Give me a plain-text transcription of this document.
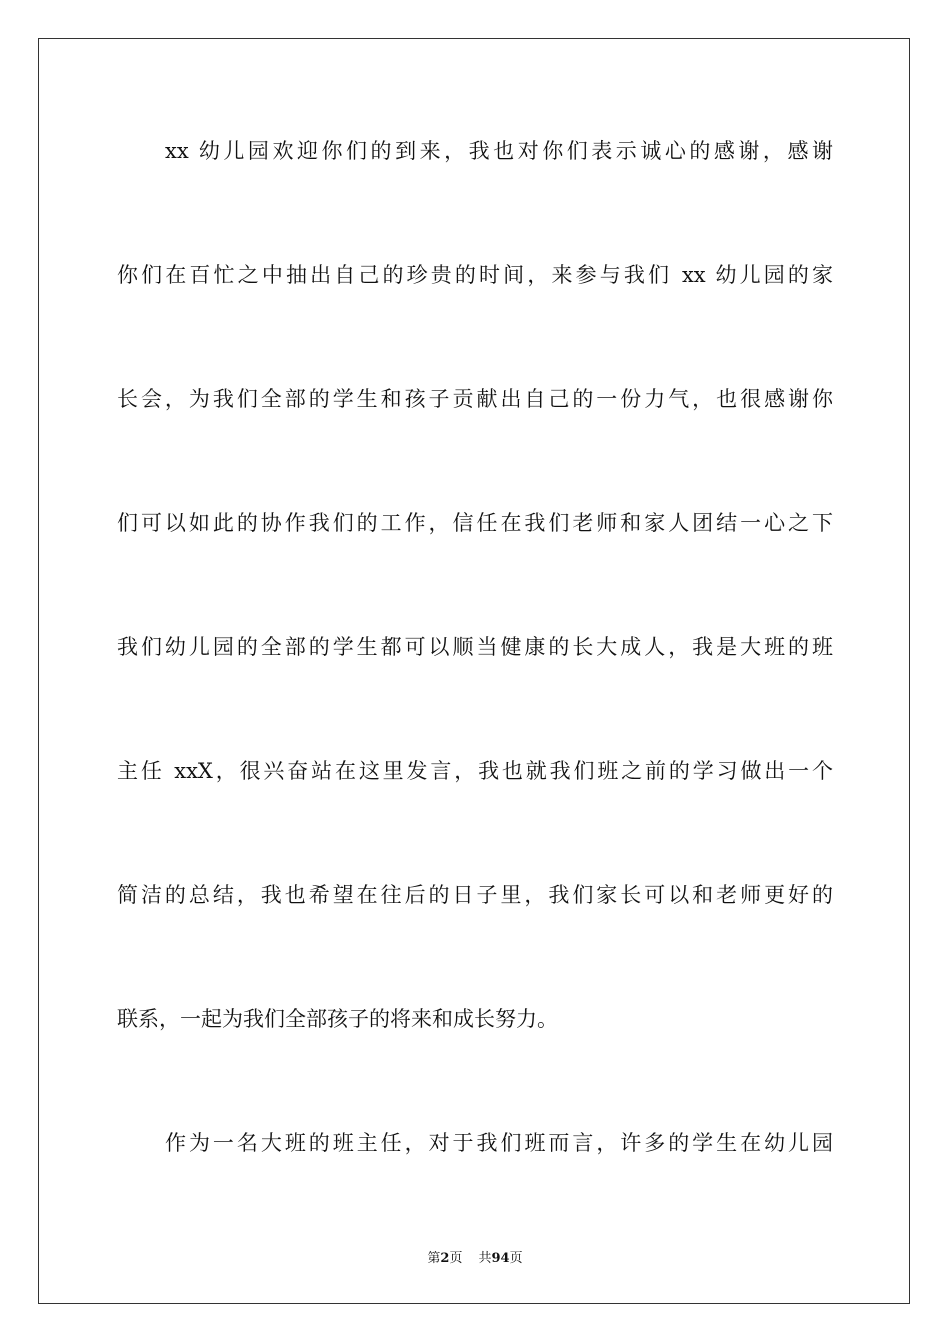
xx 幼儿园欢迎你们的到来，我也对你们表示诚心的感谢，感谢
你们在百忙之中抽出自己的珍贵的时间，来参与我们 xx 幼儿园的家
长会，为我们全部的学生和孩子贡献出自己的一份力气，也很感谢你
们可以如此的协作我们的工作，信任在我们老师和家人团结一心之下
我们幼儿园的全部的学生都可以顺当健康的长大成人，我是大班的班
主任 xxX，很兴奋站在这里发言，我也就我们班之前的学习做出一个
简洁的总结，我也希望在往后的日子里，我们家长可以和老师更好的
联系，一起为我们全部孩子的将来和成长努力。
作为一名大班的班主任，对于我们班而言，许多的学生在幼儿园
第2页 共94页
